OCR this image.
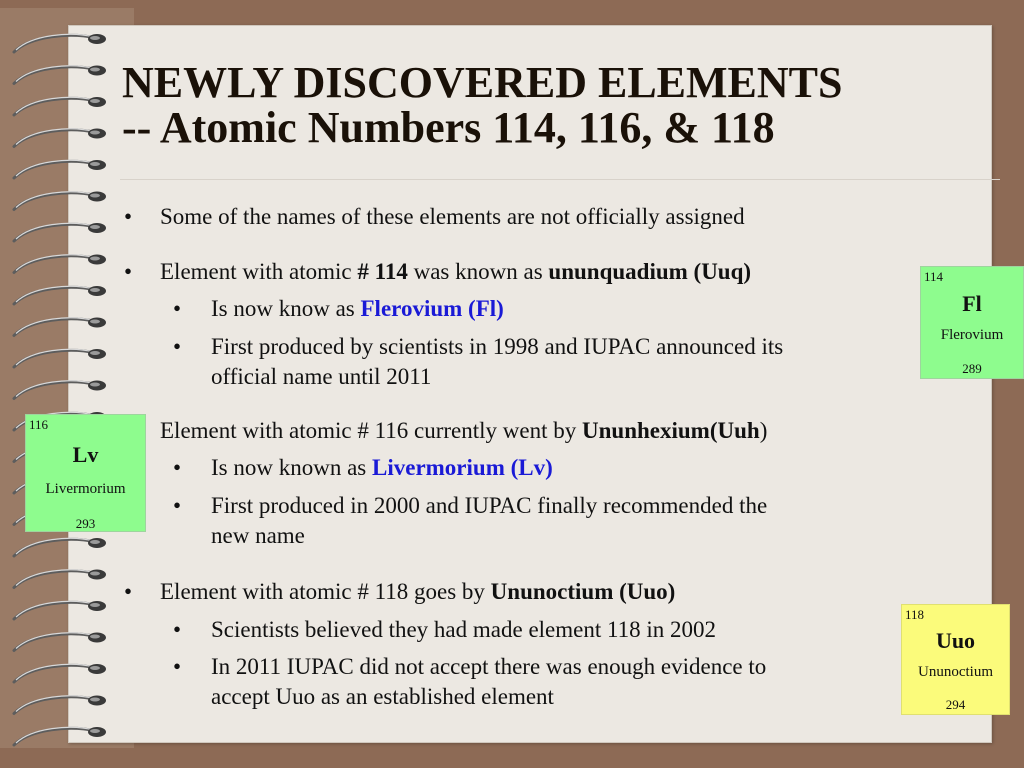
NEWLY DISCOVERED ELEMENTS
-- Atomic Numbers 114, 116, & 118
• Some of the names of these elements are not officially assigned
• Element with atomic # 114 was known as ununquadium (Uuq)
• Is now know as Flerovium (Fl)
• First produced by scientists in 1998 and IUPAC announced its
official name until 2011
Element with atomic # 116 currently went by Ununhexium(Uuh)
• Is now known as Livermorium (Lv)
• First produced in 2000 and IUPAC finally recommended the
new name
• Element with atomic # 118 goes by Ununoctium (Uuo)
• Scientists believed they had made element 118 in 2002
• In 2011 IUPAC did not accept there was enough evidence to
accept Uuo as an established element
114
Fl
Flerovium
289
116
Lv
Livermorium
293
118
Uuo
Ununoctium
294
